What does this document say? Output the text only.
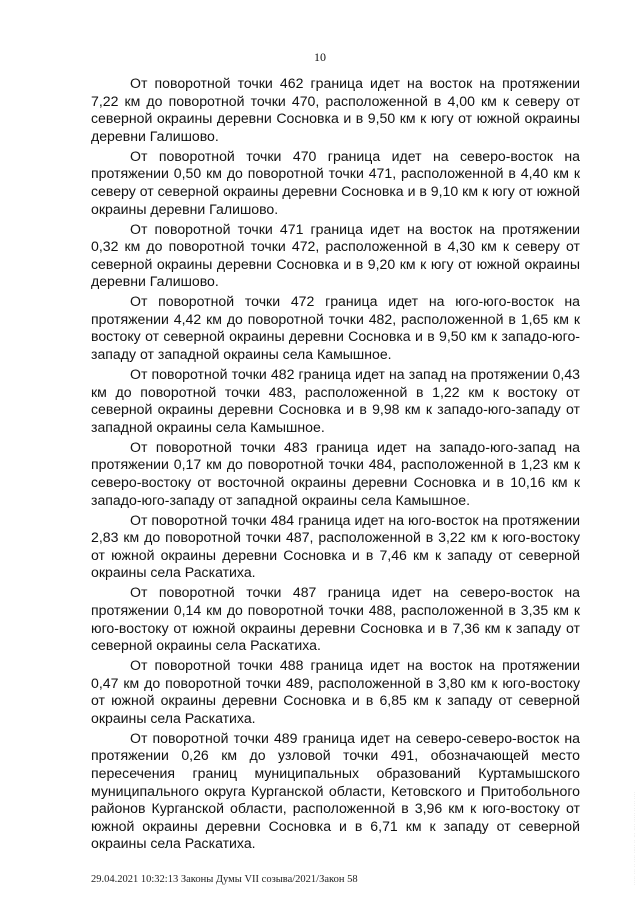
10

От поворотной точки 462 граница идет на восток на протяжении 7,22 км до поворотной точки 470, расположенной в 4,00 км к северу от северной окраины деревни Сосновка и в 9,50 км к югу от южной окраины деревни Галишово.

От поворотной точки 470 граница идет на северо-восток на протяжении 0,50 км до поворотной точки 471, расположенной в 4,40 км к северу от северной окраины деревни Сосновка и в 9,10 км к югу от южной окраины деревни Галишово.

От поворотной точки 471 граница идет на восток на протяжении 0,32 км до поворотной точки 472, расположенной в 4,30 км к северу от северной окраины деревни Сосновка и в 9,20 км к югу от южной окраины деревни Галишово.

От поворотной точки 472 граница идет на юго-юго-восток на протяжении 4,42 км до поворотной точки 482, расположенной в 1,65 км к востоку от северной окраины деревни Сосновка и в 9,50 км к западо-юго-западу от западной окраины села Камышное.

От поворотной точки 482 граница идет на запад на протяжении 0,43 км до поворотной точки 483, расположенной в 1,22 км к востоку от северной окраины деревни Сосновка и в 9,98 км к западо-юго-западу от западной окраины села Камышное.

От поворотной точки 483 граница идет на западо-юго-запад на протяжении 0,17 км до поворотной точки 484, расположенной в 1,23 км к северо-востоку от восточной окраины деревни Сосновка и в 10,16 км к западо-юго-западу от западной окраины села Камышное.

От поворотной точки 484 граница идет на юго-восток на протяжении 2,83 км до поворотной точки 487, расположенной в 3,22 км к юго-востоку от южной окраины деревни Сосновка и в 7,46 км к западу от северной окраины села Раскатиха.

От поворотной точки 487 граница идет на северо-восток на протяжении 0,14 км до поворотной точки 488, расположенной в 3,35 км к юго-востоку от южной окраины деревни Сосновка и в 7,36 км к западу от северной окраины села Раскатиха.

От поворотной точки 488 граница идет на восток на протяжении 0,47 км до поворотной точки 489, расположенной в 3,80 км к юго-востоку от южной окраины деревни Сосновка и в 6,85 км к западу от северной окраины села Раскатиха.

От поворотной точки 489 граница идет на северо-северо-восток на протяжении 0,26 км до узловой точки 491, обозначающей место пересечения границ муниципальных образований Куртамышского муниципального округа Курганской области, Кетовского и Притобольного районов Курганской области, расположенной в 3,96 км к юго-востоку от южной окраины деревни Сосновка и в 6,71 км к западу от северной окраины села Раскатиха.

29.04.2021 10:32:13 Законы Думы VII созыва/2021/Закон 58	····· ··· ·· ···· ····· ·· ··· ···· ····· ·· ··· ····
